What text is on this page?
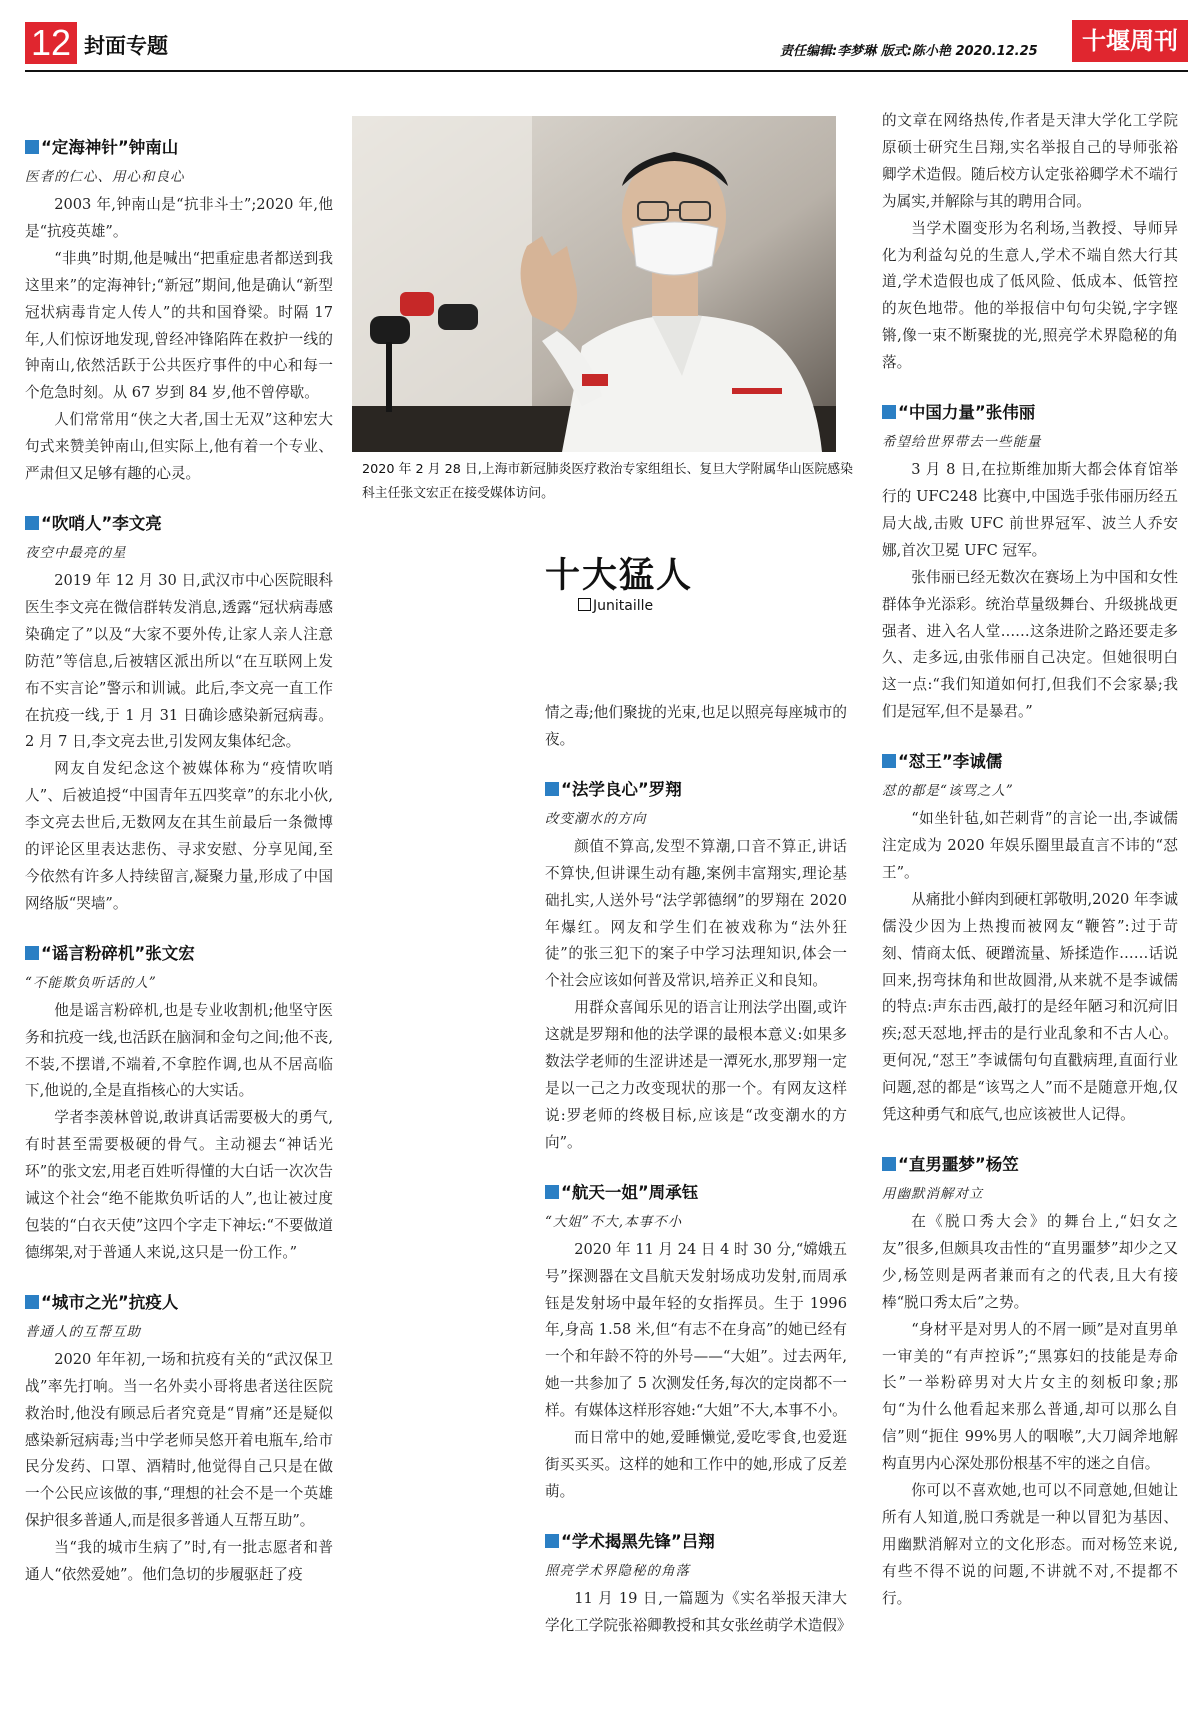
12 封面专题	责任编辑:李梦琳 版式:陈小艳 2020.12.25	十堰周刊
“定海神针”钟南山
医者的仁心、用心和良心

2003 年,钟南山是“抗非斗士”;2020 年,他是“抗疫英雄”。

“非典”时期,他是喊出“把重症患者都送到我这里来”的定海神针;“新冠”期间,他是确认“新型冠状病毒肯定人传人”的共和国脊梁。时隔 17 年,人们惊讶地发现,曾经冲锋陷阵在救护一线的钟南山,依然活跃于公共医疗事件的中心和每一个危急时刻。从 67 岁到 84 岁,他不曾停歇。

人们常常用“侠之大者,国士无双”这种宏大句式来赞美钟南山,但实际上,他有着一个专业、严肃但又足够有趣的心灵。

“吹哨人”李文亮
夜空中最亮的星

2019 年 12 月 30 日,武汉市中心医院眼科医生李文亮在微信群转发消息,透露“冠状病毒感染确定了”以及“大家不要外传,让家人亲人注意防范”等信息,后被辖区派出所以“在互联网上发布不实言论”警示和训诫。此后,李文亮一直工作在抗疫一线,于 1 月 31 日确诊感染新冠病毒。2 月 7 日,李文亮去世,引发网友集体纪念。

网友自发纪念这个被媒体称为“疫情吹哨人”、后被追授“中国青年五四奖章”的东北小伙,李文亮去世后,无数网友在其生前最后一条微博的评论区里表达悲伤、寻求安慰、分享见闻,至今依然有许多人持续留言,凝聚力量,形成了中国网络版“哭墙”。

“谣言粉碎机”张文宏
“不能欺负听话的人”

他是谣言粉碎机,也是专业收割机;他坚守医务和抗疫一线,也活跃在脑洞和金句之间;他不丧,不装,不摆谱,不端着,不拿腔作调,也从不居高临下,他说的,全是直指核心的大实话。

学者李羡林曾说,敢讲真话需要极大的勇气,有时甚至需要极硬的骨气。主动褪去“神话光环”的张文宏,用老百姓听得懂的大白话一次次告诫这个社会“绝不能欺负听话的人”,也让被过度包装的“白衣天使”这四个字走下神坛:“不要做道德绑架,对于普通人来说,这只是一份工作。”

“城市之光”抗疫人
普通人的互帮互助

2020 年年初,一场和抗疫有关的“武汉保卫战”率先打响。当一名外卖小哥将患者送往医院救治时,他没有顾忌后者究竟是“胃痛”还是疑似感染新冠病毒;当中学老师吴悠开着电瓶车,给市民分发药、口罩、酒精时,他觉得自己只是在做一个公民应该做的事,“理想的社会不是一个英雄保护很多普通人,而是很多普通人互帮互助”。

当“我的城市生病了”时,有一批志愿者和普通人“依然爱她”。他们急切的步履驱赶了疫

2020 年 2 月 28 日,上海市新冠肺炎医疗救治专家组组长、复旦大学附属华山医院感染科主任张文宏正在接受媒体访问。
十大猛人
Junitaille

情之毒;他们聚拢的光束,也足以照亮每座城市的夜。

“法学良心”罗翔
改变潮水的方向

颜值不算高,发型不算潮,口音不算正,讲话不算快,但讲课生动有趣,案例丰富翔实,理论基础扎实,人送外号“法学郭德纲”的罗翔在 2020 年爆红。网友和学生们在被戏称为“法外狂徒”的张三犯下的案子中学习法理知识,体会一个社会应该如何普及常识,培养正义和良知。

用群众喜闻乐见的语言让刑法学出圈,或许这就是罗翔和他的法学课的最根本意义:如果多数法学老师的生涩讲述是一潭死水,那罗翔一定是以一己之力改变现状的那一个。有网友这样说:罗老师的终极目标,应该是“改变潮水的方向”。

“航天一姐”周承钰
“大姐”不大,本事不小

2020 年 11 月 24 日 4 时 30 分,“嫦娥五号”探测器在文昌航天发射场成功发射,而周承钰是发射场中最年轻的女指挥员。生于 1996 年,身高 1.58 米,但“有志不在身高”的她已经有一个和年龄不符的外号——“大姐”。过去两年,她一共参加了 5 次测发任务,每次的定岗都不一样。有媒体这样形容她:“大姐”不大,本事不小。

而日常中的她,爱睡懒觉,爱吃零食,也爱逛街买买买。这样的她和工作中的她,形成了反差萌。

“学术揭黑先锋”吕翔
照亮学术界隐秘的角落

11 月 19 日,一篇题为《实名举报天津大学化工学院张裕卿教授和其女张丝萌学术造假》

的文章在网络热传,作者是天津大学化工学院原硕士研究生吕翔,实名举报自己的导师张裕卿学术造假。随后校方认定张裕卿学术不端行为属实,并解除与其的聘用合同。

当学术圈变形为名利场,当教授、导师异化为利益勾兑的生意人,学术不端自然大行其道,学术造假也成了低风险、低成本、低管控的灰色地带。他的举报信中句句尖锐,字字铿锵,像一束不断聚拢的光,照亮学术界隐秘的角落。

“中国力量”张伟丽
希望给世界带去一些能量

3 月 8 日,在拉斯维加斯大都会体育馆举行的 UFC248 比赛中,中国选手张伟丽历经五局大战,击败 UFC 前世界冠军、波兰人乔安娜,首次卫冕 UFC 冠军。

张伟丽已经无数次在赛场上为中国和女性群体争光添彩。统治草量级舞台、升级挑战更强者、进入名人堂……这条进阶之路还要走多久、走多远,由张伟丽自己决定。但她很明白这一点:“我们知道如何打,但我们不会家暴;我们是冠军,但不是暴君。”

“怼王”李诚儒
怼的都是“该骂之人”

“如坐针毡,如芒刺背”的言论一出,李诚儒注定成为 2020 年娱乐圈里最直言不讳的“怼王”。

从痛批小鲜肉到硬杠郭敬明,2020 年李诚儒没少因为上热搜而被网友“鞭笞”:过于苛刻、情商太低、硬蹭流量、矫揉造作……话说回来,拐弯抹角和世故圆滑,从来就不是李诚儒的特点:声东击西,敲打的是经年陋习和沉疴旧疾;怼天怼地,抨击的是行业乱象和不古人心。更何况,“怼王”李诚儒句句直戳病理,直面行业问题,怼的都是“该骂之人”而不是随意开炮,仅凭这种勇气和底气,也应该被世人记得。

“直男噩梦”杨笠
用幽默消解对立

在《脱口秀大会》的舞台上,“妇女之友”很多,但颇具攻击性的“直男噩梦”却少之又少,杨笠则是两者兼而有之的代表,且大有接棒“脱口秀太后”之势。

“身材平是对男人的不屑一顾”是对直男单一审美的“有声控诉”;“黑寡妇的技能是寿命长”一举粉碎男对大片女主的刻板印象;那句“为什么他看起来那么普通,却可以那么自信”则“扼住 99%男人的咽喉”,大刀阔斧地解构直男内心深处那份根基不牢的迷之自信。

你可以不喜欢她,也可以不同意她,但她让所有人知道,脱口秀就是一种以冒犯为基因、用幽默消解对立的文化形态。而对杨笠来说,有些不得不说的问题,不讲就不对,不提都不行。
